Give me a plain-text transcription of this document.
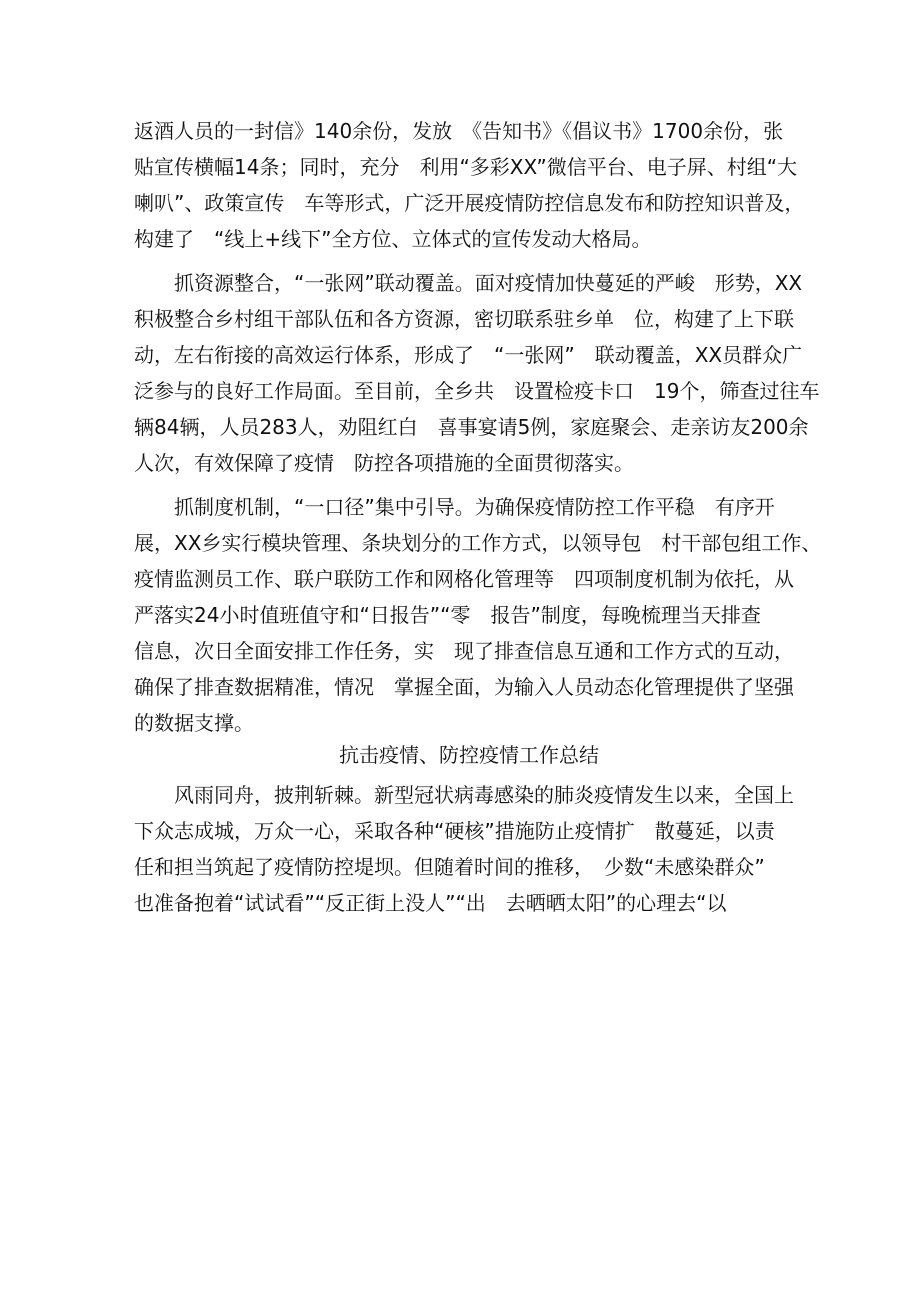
返酒人员的一封信》140余份，发放　《告知书》《倡议书》1700余份，张
贴宣传横幅14条；同时，充分　利用“多彩XX”微信平台、电子屏、村组“大
喇叭”、政策宣传　车等形式，广泛开展疫情防控信息发布和防控知识普及，
构建了　“线上+线下”全方位、立体式的宣传发动大格局。
抓资源整合，“一张网”联动覆盖。面对疫情加快蔓延的严峻　形势，XX
积极整合乡村组干部队伍和各方资源，密切联系驻乡单　位，构建了上下联
动，左右衔接的高效运行体系，形成了　“一张网”　联动覆盖，XX员群众广
泛参与的良好工作局面。至目前，全乡共　设置检疫卡口　19个，筛查过往车
辆84辆，人员283人，劝阻红白　喜事宴请5例，家庭聚会、走亲访友200余
人次，有效保障了疫情　防控各项措施的全面贯彻落实。
抓制度机制，“一口径”集中引导。为确保疫情防控工作平稳　有序开
展，XX乡实行模块管理、条块划分的工作方式，以领导包　村干部包组工作、
疫情监测员工作、联户联防工作和网格化管理等　四项制度机制为依托，从
严落实24小时值班值守和“日报告”“零　报告”制度，每晚梳理当天排查
信息，次日全面安排工作任务，实　现了排查信息互通和工作方式的互动，
确保了排查数据精准，情况　掌握全面，为输入人员动态化管理提供了坚强
的数据支撑。
抗击疫情、防控疫情工作总结
风雨同舟，披荆斩棘。新型冠状病毒感染的肺炎疫情发生以来，全国上
下众志成城，万众一心，采取各种“硬核”措施防止疫情扩　散蔓延，以责
任和担当筑起了疫情防控堤坝。但随着时间的推移，　少数“未感染群众”
也准备抱着“试试看”“反正街上没人”“出　去晒晒太阳”的心理去“以
